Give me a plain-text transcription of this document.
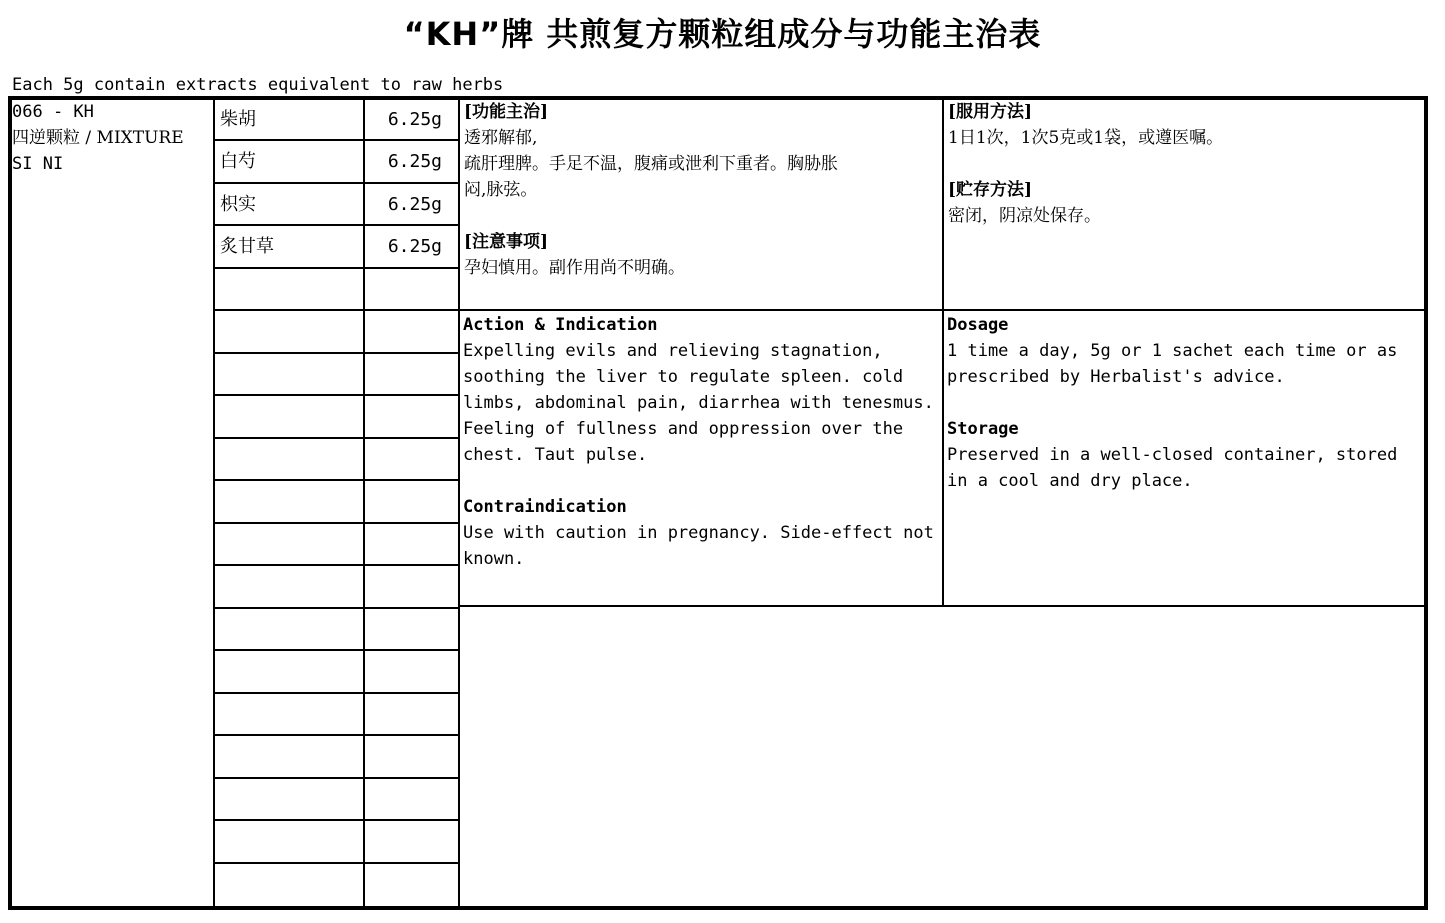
“KH”牌 共煎复方颗粒组成分与功能主治表
Each 5g contain extracts equivalent to raw herbs
066 - KH
四逆颗粒 / MIXTURE
SI NI
柴胡	6.25g
白芍	6.25g
枳实	6.25g
炙甘草	6.25g
[功能主治]
透邪解郁,
疏肝理脾。手足不温，腹痛或泄利下重者。胸胁胀
闷,脉弦。
[注意事项]
孕妇慎用。副作用尚不明确。
[服用方法]
1日1次，1次5克或1袋，或遵医嘱。
[贮存方法]
密闭，阴凉处保存。
Action & Indication
Expelling evils and relieving stagnation, soothing the liver to regulate spleen. cold limbs, abdominal pain, diarrhea with tenesmus. Feeling of fullness and oppression over the chest. Taut pulse.
Contraindication
Use with caution in pregnancy. Side-effect not known.
Dosage
1 time a day, 5g or 1 sachet each time or as prescribed by Herbalist's advice.
Storage
Preserved in a well-closed container, stored in a cool and dry place.
